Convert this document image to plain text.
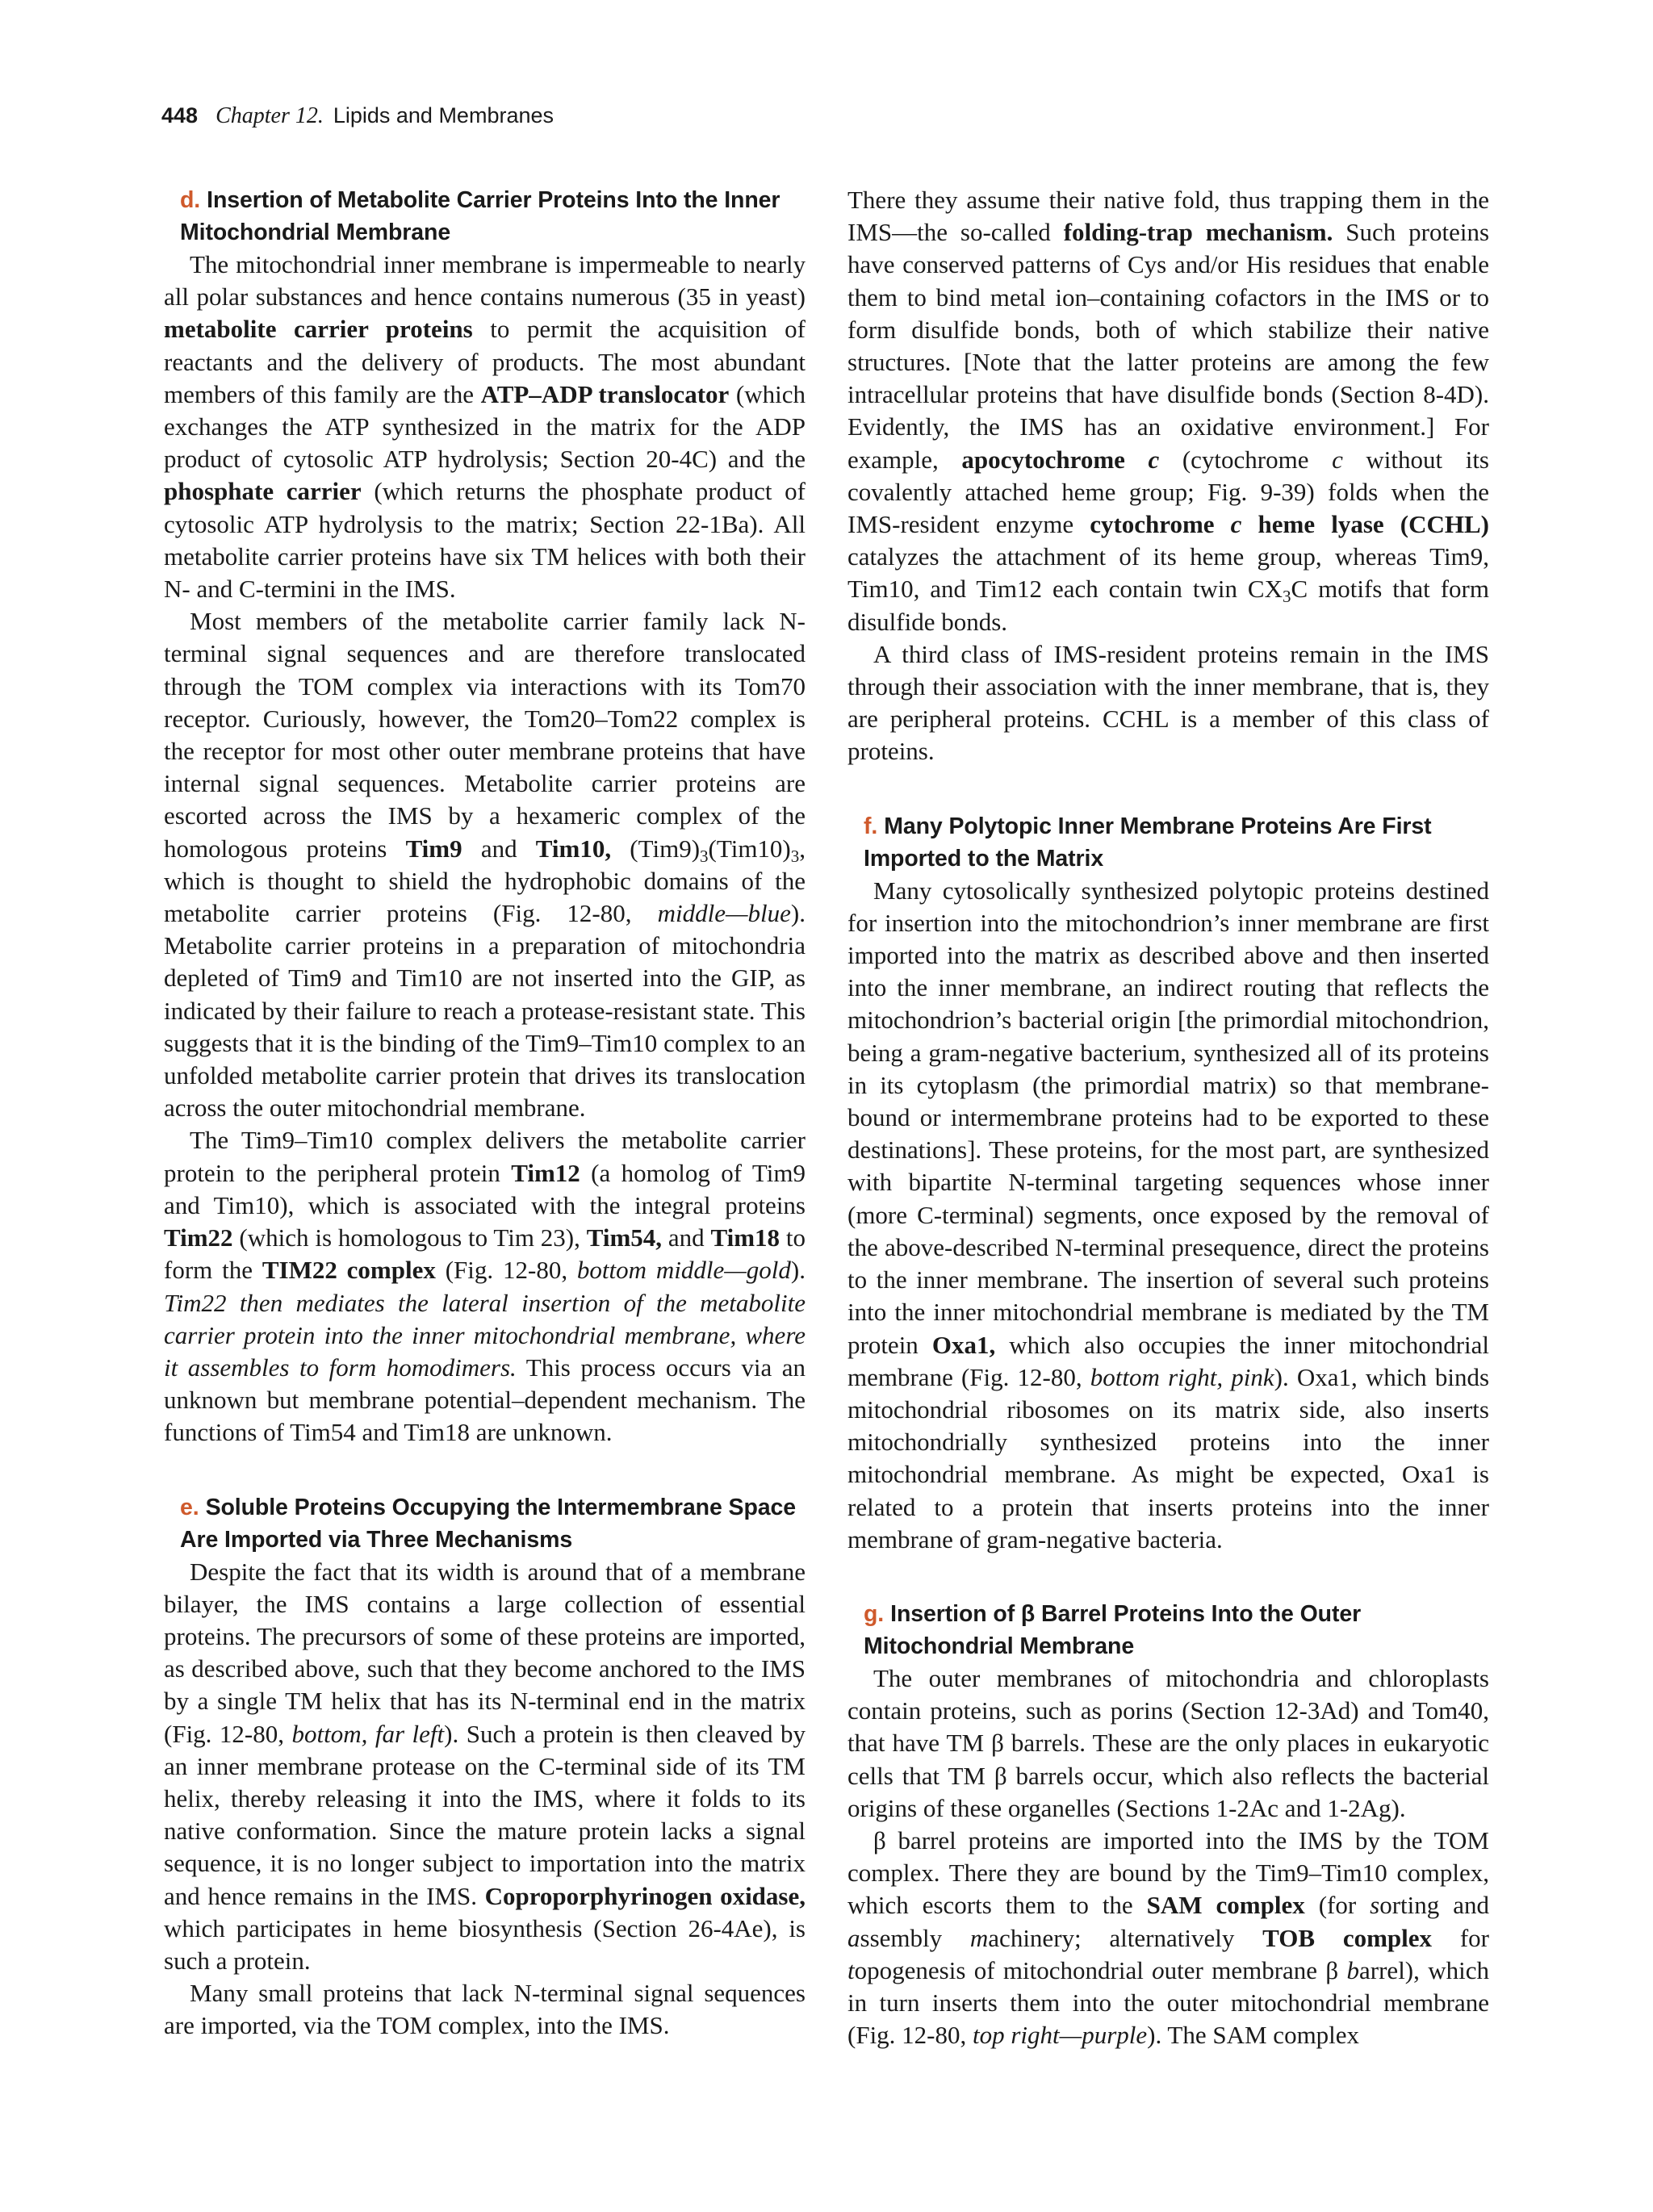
448 Chapter 12. Lipids and Membranes
d. Insertion of Metabolite Carrier Proteins Into the Inner Mitochondrial Membrane

The mitochondrial inner membrane is impermeable to nearly all polar substances and hence contains numerous (35 in yeast) metabolite carrier proteins to permit the acquisition of reactants and the delivery of products. The most abundant members of this family are the ATP–ADP translocator (which exchanges the ATP synthesized in the matrix for the ADP product of cytosolic ATP hydrolysis; Section 20-4C) and the phosphate carrier (which returns the phosphate product of cytosolic ATP hydrolysis to the matrix; Section 22-1Ba). All metabolite carrier proteins have six TM helices with both their N- and C-termini in the IMS.

Most members of the metabolite carrier family lack N-terminal signal sequences and are therefore translocated through the TOM complex via interactions with its Tom70 receptor. Curiously, however, the Tom20–Tom22 complex is the receptor for most other outer membrane proteins that have internal signal sequences. Metabolite carrier proteins are escorted across the IMS by a hexameric complex of the homologous proteins Tim9 and Tim10, $(Tim9)_3(Tim10)_3$, which is thought to shield the hydrophobic domains of the metabolite carrier proteins (Fig. 12-80, middle—blue). Metabolite carrier proteins in a preparation of mitochondria depleted of Tim9 and Tim10 are not inserted into the GIP, as indicated by their failure to reach a protease-resistant state. This suggests that it is the binding of the Tim9–Tim10 complex to an unfolded metabolite carrier protein that drives its translocation across the outer mitochondrial membrane.

The Tim9–Tim10 complex delivers the metabolite carrier protein to the peripheral protein Tim12 (a homolog of Tim9 and Tim10), which is associated with the integral proteins Tim22 (which is homologous to Tim 23), Tim54, and Tim18 to form the TIM22 complex (Fig. 12-80, bottom middle—gold). Tim22 then mediates the lateral insertion of the metabolite carrier protein into the inner mitochondrial membrane, where it assembles to form homodimers. This process occurs via an unknown but membrane potential–dependent mechanism. The functions of Tim54 and Tim18 are unknown.

e. Soluble Proteins Occupying the Intermembrane Space Are Imported via Three Mechanisms

Despite the fact that its width is around that of a membrane bilayer, the IMS contains a large collection of essential proteins. The precursors of some of these proteins are imported, as described above, such that they become anchored to the IMS by a single TM helix that has its N-terminal end in the matrix (Fig. 12-80, bottom, far left). Such a protein is then cleaved by an inner membrane protease on the C-terminal side of its TM helix, thereby releasing it into the IMS, where it folds to its native conformation. Since the mature protein lacks a signal sequence, it is no longer subject to importation into the matrix and hence remains in the IMS. Coproporphyrinogen oxidase, which participates in heme biosynthesis (Section 26-4Ae), is such a protein.

Many small proteins that lack N-terminal signal sequences are imported, via the TOM complex, into the IMS.

There they assume their native fold, thus trapping them in the IMS—the so-called folding-trap mechanism. Such proteins have conserved patterns of Cys and/or His residues that enable them to bind metal ion–containing cofactors in the IMS or to form disulfide bonds, both of which stabilize their native structures. [Note that the latter proteins are among the few intracellular proteins that have disulfide bonds (Section 8-4D). Evidently, the IMS has an oxidative environment.] For example, apocytochrome c (cytochrome c without its covalently attached heme group; Fig. 9-39) folds when the IMS-resident enzyme cytochrome c heme lyase (CCHL) catalyzes the attachment of its heme group, whereas Tim9, Tim10, and Tim12 each contain twin $CX_3C$ motifs that form disulfide bonds.

A third class of IMS-resident proteins remain in the IMS through their association with the inner membrane, that is, they are peripheral proteins. CCHL is a member of this class of proteins.

f. Many Polytopic Inner Membrane Proteins Are First Imported to the Matrix

Many cytosolically synthesized polytopic proteins destined for insertion into the mitochondrion’s inner membrane are first imported into the matrix as described above and then inserted into the inner membrane, an indirect routing that reflects the mitochondrion’s bacterial origin [the primordial mitochondrion, being a gram-negative bacterium, synthesized all of its proteins in its cytoplasm (the primordial matrix) so that membrane-bound or intermembrane proteins had to be exported to these destinations]. These proteins, for the most part, are synthesized with bipartite N-terminal targeting sequences whose inner (more C-terminal) segments, once exposed by the removal of the above-described N-terminal presequence, direct the proteins to the inner membrane. The insertion of several such proteins into the inner mitochondrial membrane is mediated by the TM protein Oxa1, which also occupies the inner mitochondrial membrane (Fig. 12-80, bottom right, pink). Oxa1, which binds mitochondrial ribosomes on its matrix side, also inserts mitochondrially synthesized proteins into the inner mitochondrial membrane. As might be expected, Oxa1 is related to a protein that inserts proteins into the inner membrane of gram-negative bacteria.

g. Insertion of β Barrel Proteins Into the Outer Mitochondrial Membrane

The outer membranes of mitochondria and chloroplasts contain proteins, such as porins (Section 12-3Ad) and Tom40, that have TM β barrels. These are the only places in eukaryotic cells that TM β barrels occur, which also reflects the bacterial origins of these organelles (Sections 1-2Ac and 1-2Ag).

β barrel proteins are imported into the IMS by the TOM complex. There they are bound by the Tim9–Tim10 complex, which escorts them to the SAM complex (for sorting and assembly machinery; alternatively TOB complex for topogenesis of mitochondrial outer membrane β barrel), which in turn inserts them into the outer mitochondrial membrane (Fig. 12-80, top right—purple). The SAM complex
